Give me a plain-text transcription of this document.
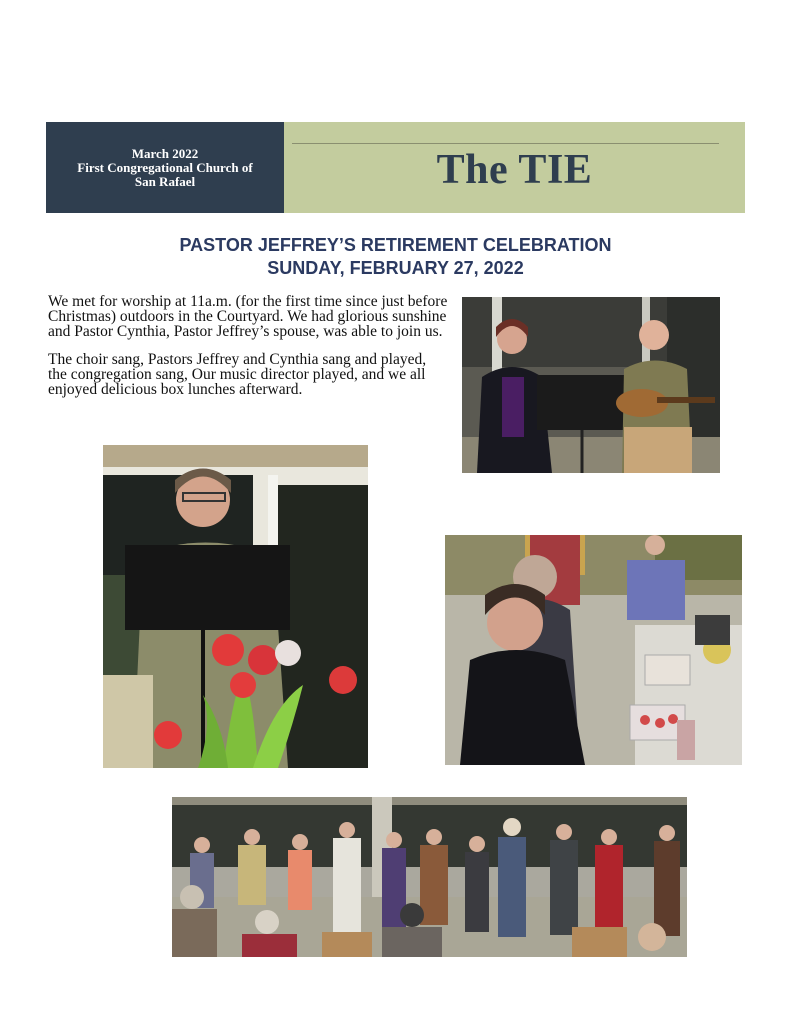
March 2022
First Congregational Church of
San Rafael	The TIE
PASTOR JEFFREY’S RETIREMENT CELEBRATION
SUNDAY, FEBRUARY 27, 2022

We met for worship at 11a.m. (for the first time since just before Christmas) outdoors in the Courtyard. We had glorious sunshine and Pastor Cynthia, Pastor Jeffrey’s spouse, was able to join us.

The choir sang, Pastors Jeffrey and Cynthia sang and played, the congregation sang, Our music director played, and we all enjoyed delicious box lunches afterward.
